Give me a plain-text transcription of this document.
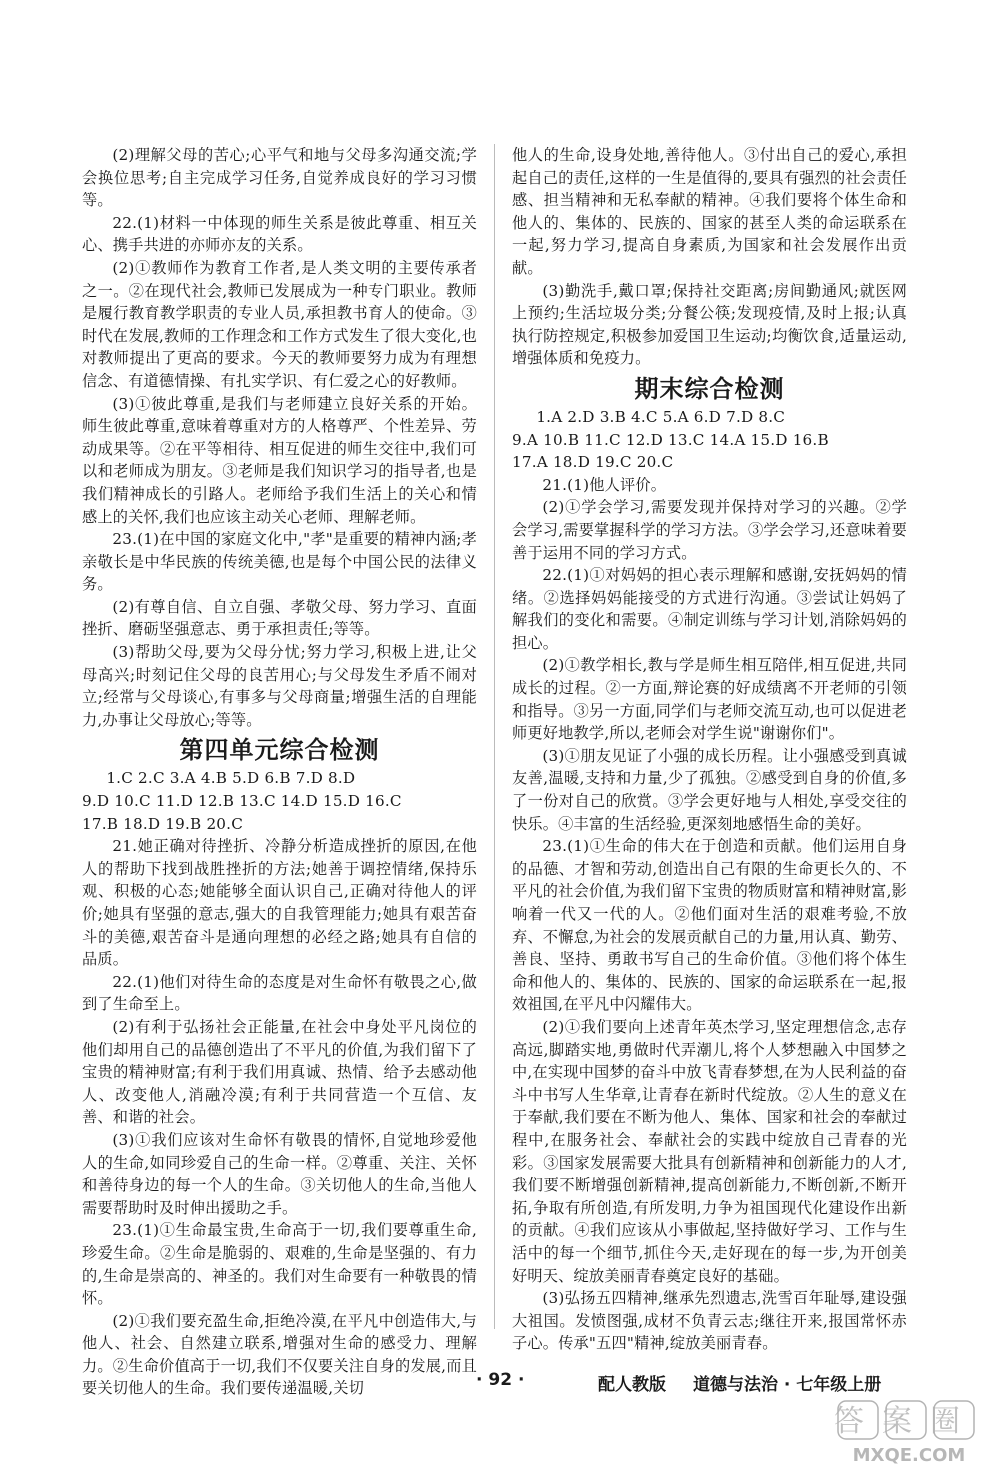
(2)理解父母的苦心;心平气和地与父母多沟通交流;学会换位思考;自主完成学习任务,自觉养成良好的学习习惯等。

22.(1)材料一中体现的师生关系是彼此尊重、相互关心、携手共进的亦师亦友的关系。

(2)①教师作为教育工作者,是人类文明的主要传承者之一。②在现代社会,教师已发展成为一种专门职业。教师是履行教育教学职责的专业人员,承担教书育人的使命。③时代在发展,教师的工作理念和工作方式发生了很大变化,也对教师提出了更高的要求。今天的教师要努力成为有理想信念、有道德情操、有扎实学识、有仁爱之心的好教师。

(3)①彼此尊重,是我们与老师建立良好关系的开始。师生彼此尊重,意味着尊重对方的人格尊严、个性差异、劳动成果等。②在平等相待、相互促进的师生交往中,我们可以和老师成为朋友。③老师是我们知识学习的指导者,也是我们精神成长的引路人。老师给予我们生活上的关心和情感上的关怀,我们也应该主动关心老师、理解老师。

23.(1)在中国的家庭文化中,"孝"是重要的精神内涵;孝亲敬长是中华民族的传统美德,也是每个中国公民的法律义务。

(2)有尊自信、自立自强、孝敬父母、努力学习、直面挫折、磨砺坚强意志、勇于承担责任;等等。

(3)帮助父母,要为父母分忧;努力学习,积极上进,让父母高兴;时刻记住父母的良苦用心;与父母发生矛盾不闹对立;经常与父母谈心,有事多与父母商量;增强生活的自理能力,办事让父母放心;等等。

第四单元综合检测

1.C 2.C 3.A 4.B 5.D 6.B 7.D 8.D

9.D 10.C 11.D 12.B 13.C 14.D 15.D 16.C

17.B 18.D 19.B 20.C

21.她正确对待挫折、冷静分析造成挫折的原因,在他人的帮助下找到战胜挫折的方法;她善于调控情绪,保持乐观、积极的心态;她能够全面认识自己,正确对待他人的评价;她具有坚强的意志,强大的自我管理能力;她具有艰苦奋斗的美德,艰苦奋斗是通向理想的必经之路;她具有自信的品质。

22.(1)他们对待生命的态度是对生命怀有敬畏之心,做到了生命至上。

(2)有利于弘扬社会正能量,在社会中身处平凡岗位的他们却用自己的品德创造出了不平凡的价值,为我们留下了宝贵的精神财富;有利于我们用真诚、热情、给予去感动他人、改变他人,消融冷漠;有利于共同营造一个互信、友善、和谐的社会。

(3)①我们应该对生命怀有敬畏的情怀,自觉地珍爱他人的生命,如同珍爱自己的生命一样。②尊重、关注、关怀和善待身边的每一个人的生命。③关切他人的生命,当他人需要帮助时及时伸出援助之手。

23.(1)①生命最宝贵,生命高于一切,我们要尊重生命,珍爱生命。②生命是脆弱的、艰难的,生命是坚强的、有力的,生命是崇高的、神圣的。我们对生命要有一种敬畏的情怀。

(2)①我们要充盈生命,拒绝冷漠,在平凡中创造伟大,与他人、社会、自然建立联系,增强对生命的感受力、理解力。②生命价值高于一切,我们不仅要关注自身的发展,而且要关切他人的生命。我们要传递温暖,关切

他人的生命,设身处地,善待他人。③付出自己的爱心,承担起自己的责任,这样的一生是值得的,要具有强烈的社会责任感、担当精神和无私奉献的精神。④我们要将个体生命和他人的、集体的、民族的、国家的甚至人类的命运联系在一起,努力学习,提高自身素质,为国家和社会发展作出贡献。

(3)勤洗手,戴口罩;保持社交距离;房间勤通风;就医网上预约;生活垃圾分类;分餐公筷;发现疫情,及时上报;认真执行防控规定,积极参加爱国卫生运动;均衡饮食,适量运动,增强体质和免疫力。

期末综合检测

1.A 2.D 3.B 4.C 5.A 6.D 7.D 8.C

9.A 10.B 11.C 12.D 13.C 14.A 15.D 16.B

17.A 18.D 19.C 20.C

21.(1)他人评价。

(2)①学会学习,需要发现并保持对学习的兴趣。②学会学习,需要掌握科学的学习方法。③学会学习,还意味着要善于运用不同的学习方式。

22.(1)①对妈妈的担心表示理解和感谢,安抚妈妈的情绪。②选择妈妈能接受的方式进行沟通。③尝试让妈妈了解我们的变化和需要。④制定训练与学习计划,消除妈妈的担心。

(2)①教学相长,教与学是师生相互陪伴,相互促进,共同成长的过程。②一方面,辩论赛的好成绩离不开老师的引领和指导。③另一方面,同学们与老师交流互动,也可以促进老师更好地教学,所以,老师会对学生说"谢谢你们"。

(3)①朋友见证了小强的成长历程。让小强感受到真诚友善,温暖,支持和力量,少了孤独。②感受到自身的价值,多了一份对自己的欣赏。③学会更好地与人相处,享受交往的快乐。④丰富的生活经验,更深刻地感悟生命的美好。

23.(1)①生命的伟大在于创造和贡献。他们运用自身的品德、才智和劳动,创造出自己有限的生命更长久的、不平凡的社会价值,为我们留下宝贵的物质财富和精神财富,影响着一代又一代的人。②他们面对生活的艰难考验,不放弃、不懈怠,为社会的发展贡献自己的力量,用认真、勤劳、善良、坚持、勇敢书写自己的生命价值。③他们将个体生命和他人的、集体的、民族的、国家的命运联系在一起,报效祖国,在平凡中闪耀伟大。

(2)①我们要向上述青年英杰学习,坚定理想信念,志存高远,脚踏实地,勇做时代弄潮儿,将个人梦想融入中国梦之中,在实现中国梦的奋斗中放飞青春梦想,在为人民利益的奋斗中书写人生华章,让青春在新时代绽放。②人生的意义在于奉献,我们要在不断为他人、集体、国家和社会的奉献过程中,在服务社会、奉献社会的实践中绽放自己青春的光彩。③国家发展需要大批具有创新精神和创新能力的人才,我们要不断增强创新精神,提高创新能力,不断创新,不断开拓,争取有所创造,有所发明,力争为祖国现代化建设作出新的贡献。④我们应该从小事做起,坚持做好学习、工作与生活中的每一个细节,抓住今天,走好现在的每一步,为开创美好明天、绽放美丽青春奠定良好的基础。

(3)弘扬五四精神,继承先烈遗志,洗雪百年耻辱,建设强大祖国。发愤图强,成材不负青云志;继往开来,报国常怀赤子心。传承"五四"精神,绽放美丽青春。

· 92 ·	配人教版 道德与法治 · 七年级上册
答案圈
MXQE.COM
